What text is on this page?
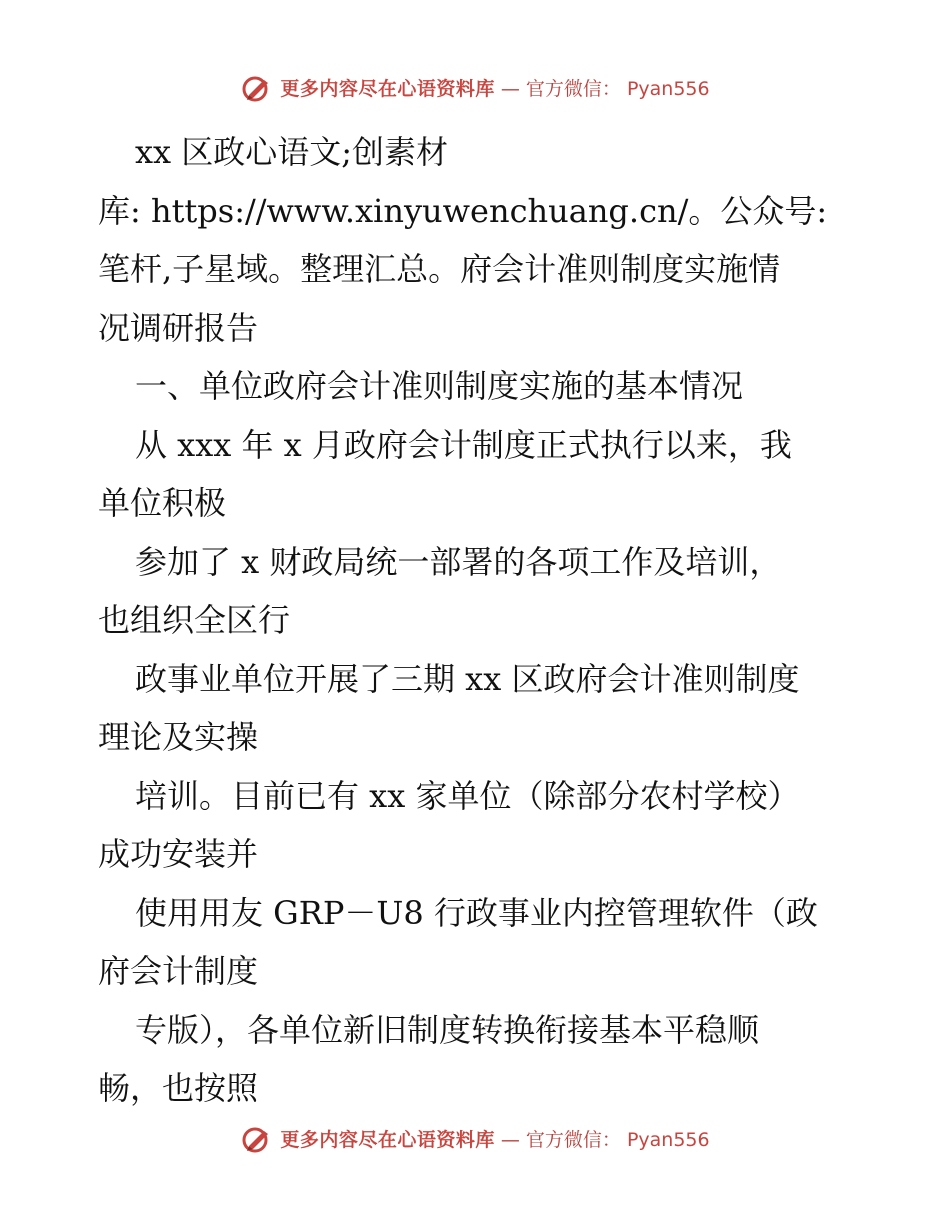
更多内容尽在心语资料库 — 官方微信： Pyan556
xx 区政心语文;创素材
库: https://www.xinyuwenchuang.cn/。公众号:
笔杆,子星域。整理汇总。府会计准则制度实施情
况调研报告
一、单位政府会计准则制度实施的基本情况
从 xxx 年 x 月政府会计制度正式执行以来，我
单位积极
参加了 x 财政局统一部署的各项工作及培训，
也组织全区行
政事业单位开展了三期 xx 区政府会计准则制度
理论及实操
培训。目前已有 xx 家单位（除部分农村学校）
成功安装并
使用用友 GRP－U8 行政事业内控管理软件（政
府会计制度
专版），各单位新旧制度转换衔接基本平稳顺
畅，也按照
更多内容尽在心语资料库 — 官方微信： Pyan556
